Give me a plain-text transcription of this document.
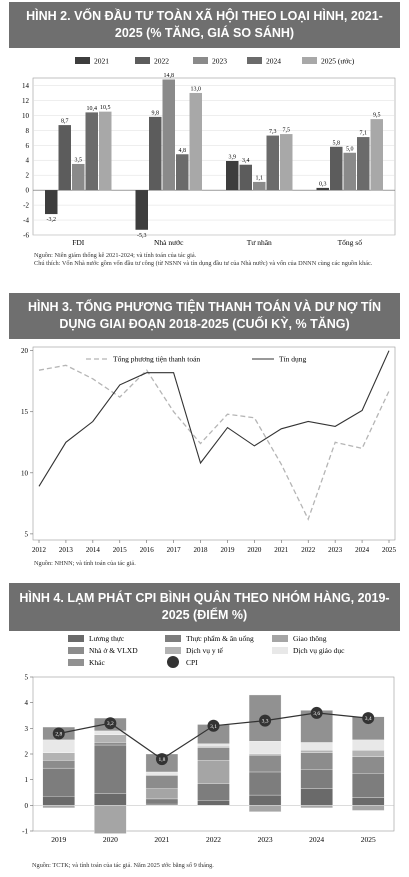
HÌNH 2. VỐN ĐẦU TƯ TOÀN XÃ HỘI THEO LOẠI HÌNH, 2021-2025 (% TĂNG, GIÁ SO SÁNH)
-6
-4
-2
0
2
4
6
8
10
12
14
FDI
-3,2
8,7
3,5
10,4 10,5
Nhà nước
-5,3
9,8
14,8
4,8
13,0
Tư nhân
3,9
3,4
1,1
7,3 7,5
Tổng số
0,3
5,8
5,0
7,1
9,5
2021	2022	2023	2024	2025 (ước)
Nguồn: Niên giám thống kê 2021-2024; và tính toán của tác giả.
Chú thích: Vốn Nhà nước gồm vốn đầu tư công (từ NSNN và tín dụng đầu tư của Nhà nước) và vốn của DNNN cùng các nguồn khác.
HÌNH 3. TỔNG PHƯƠNG TIỆN THANH TOÁN VÀ DƯ NỢ TÍN DỤNG GIAI ĐOẠN 2018-2025 (CUỐI KỲ, % TĂNG)
5
10
15
20
2012 2013 2014 2015 2016 2017 2018 2019 2020 2021 2022 2023 2024 2025
Tổng phương tiện thanh toán	Tín dụng
Nguồn: NHNN; và tính toán của tác giả.
HÌNH 4. LẠM PHÁT CPI BÌNH QUÂN THEO NHÓM HÀNG, 2019-2025 (ĐIỂM %)
-1
0
1
2
3
4
5
2019	2020	2021	2022	2023	2024	2025
2,8
3,2
1,8
3,1
3,3
3,6
3,4
Lương thực	Thực phẩm & ăn uống	Giao thông
Nhà ở & VLXD	Dịch vụ y tế	Dịch vụ giáo dục
Khác	CPI
Nguồn: TCTK; và tính toán của tác giả. Năm 2025 ước bằng số 9 tháng.
